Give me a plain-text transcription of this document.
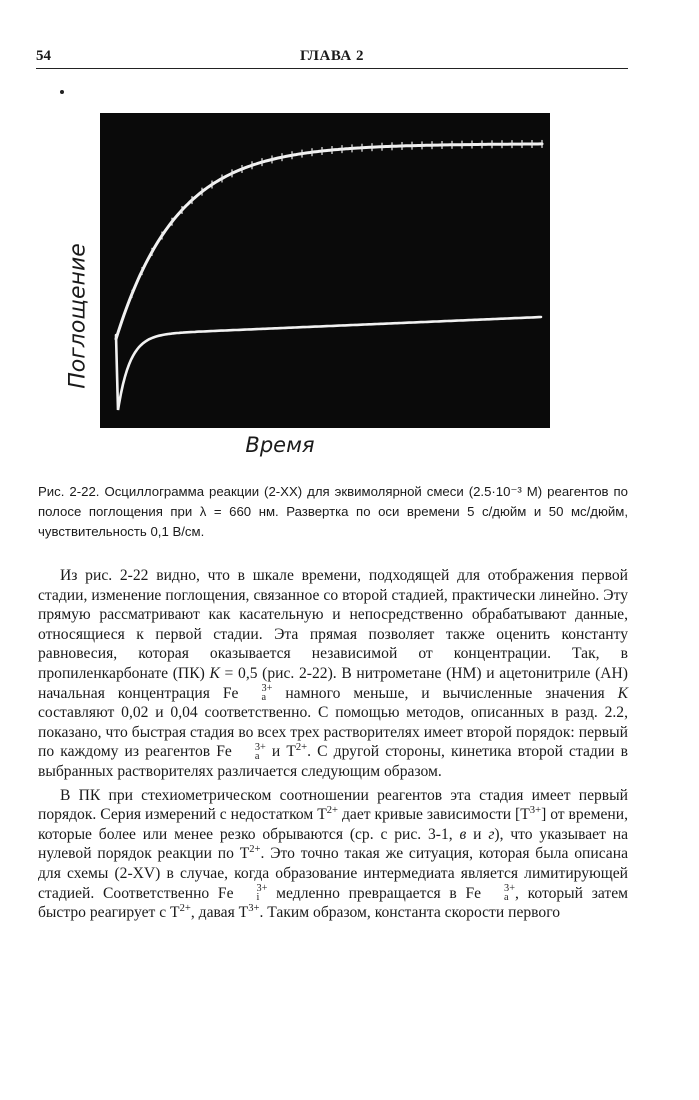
54	ГЛАВА 2
Поглощение
Время

Рис. 2-22. Осциллограмма реакции (2-XX) для эквимолярной смеси (2.5·10⁻³ М) реагентов по полосе поглощения при λ = 660 нм. Развертка по оси времени 5 с/дюйм и 50 мс/дюйм, чувствительность 0,1 В/см.

Из рис. 2-22 видно, что в шкале времени, подходящей для отображения первой стадии, изменение поглощения, связанное со второй стадией, практически линейно. Эту прямую рассматривают как касательную и непосредственно обрабатывают данные, относящиеся к первой стадии. Эта прямая позволяет также оценить константу равновесия, которая оказывается независимой от концентрации. Так, в пропиленкарбонате (ПК) K = 0,5 (рис. 2-22). В нитрометане (НМ) и ацетонитриле (АН) начальная концентрация Fe	3+
a намного меньше, и вычисленные значения K составляют 0,02 и 0,04 соответственно. С помощью методов, описанных в разд. 2.2, показано, что быстрая стадия во всех трех растворителях имеет второй порядок: первый по каждому из реагентов Fe	3+
a и $T^{2+}$. С другой стороны, кинетика второй стадии в выбранных растворителях различается следующим образом.

В ПК при стехиометрическом соотношении реагентов эта стадия имеет первый порядок. Серия измерений с недостатком $T^{2+}$ дает кривые зависимости $[T^{3+}]$ от времени, которые более или менее резко обрываются (ср. с рис. 3-1, в и г), что указывает на нулевой порядок реакции по $T^{2+}$. Это точно такая же ситуация, которая была описана для схемы (2-XV) в случае, когда образование интермедиата является лимитирующей стадией. Соответственно Fe	3+
i медленно превращается в Fe	3+
a , который затем быстро реагирует с $T^{2+}$, давая $T^{3+}$. Таким образом, константа скорости первого
